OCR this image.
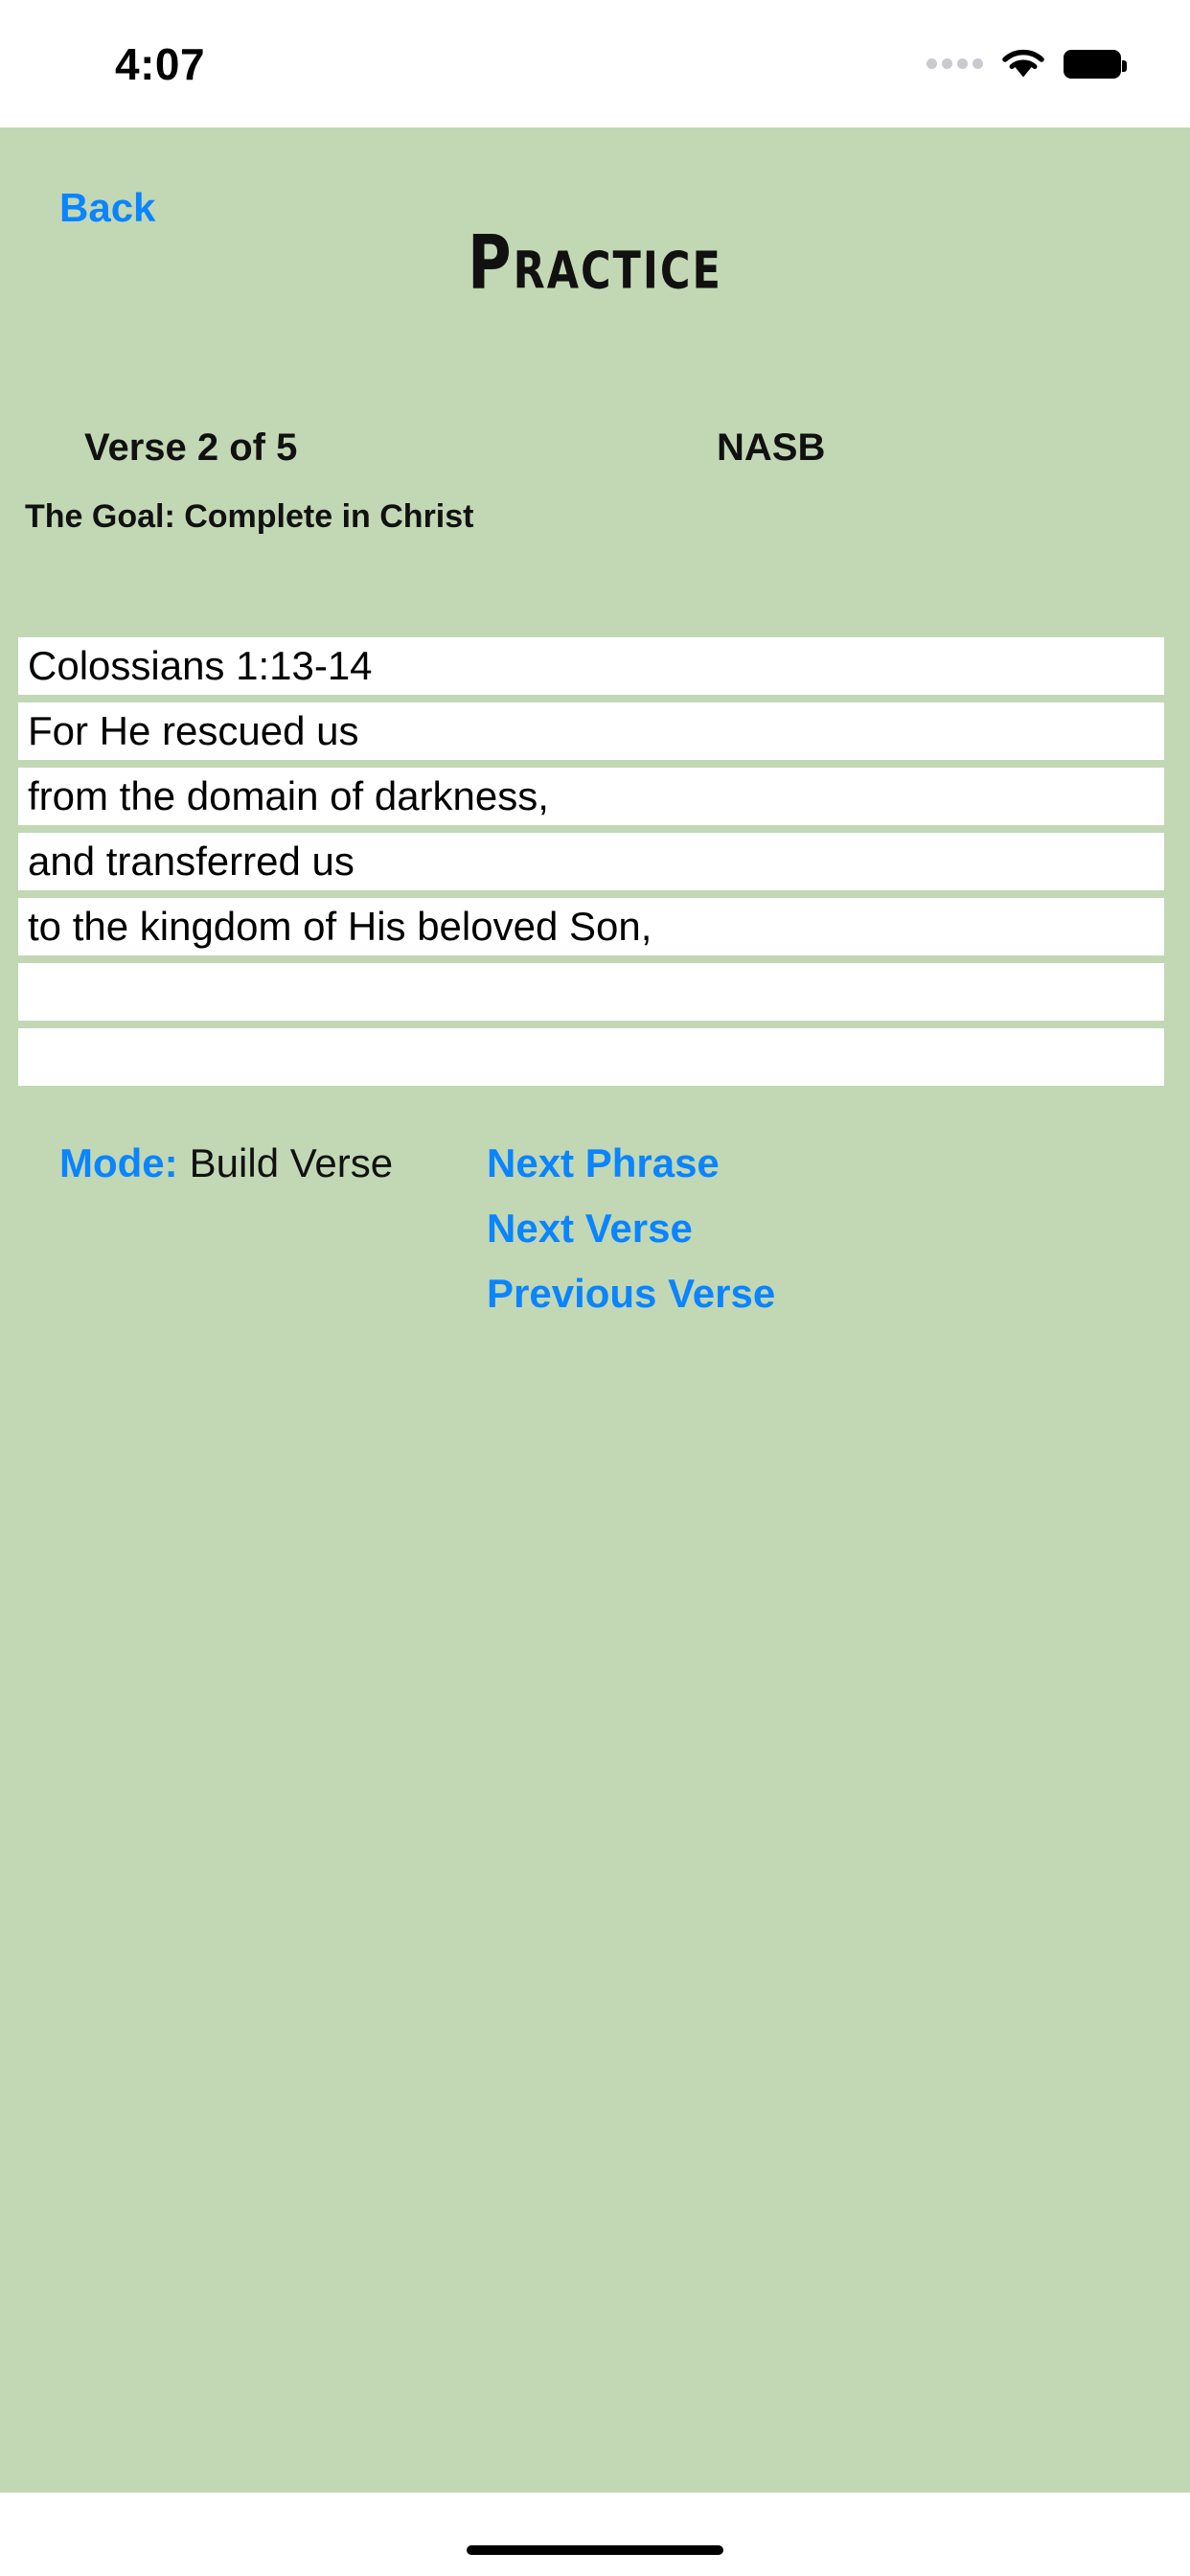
4:07
Back
Practice
Verse 2 of 5	NASB
The Goal: Complete in Christ
Colossians 1:13-14
For He rescued us
from the domain of darkness,
and transferred us
to the kingdom of His beloved Son,
Mode: Build Verse Next Phrase
Next Verse
Previous Verse
